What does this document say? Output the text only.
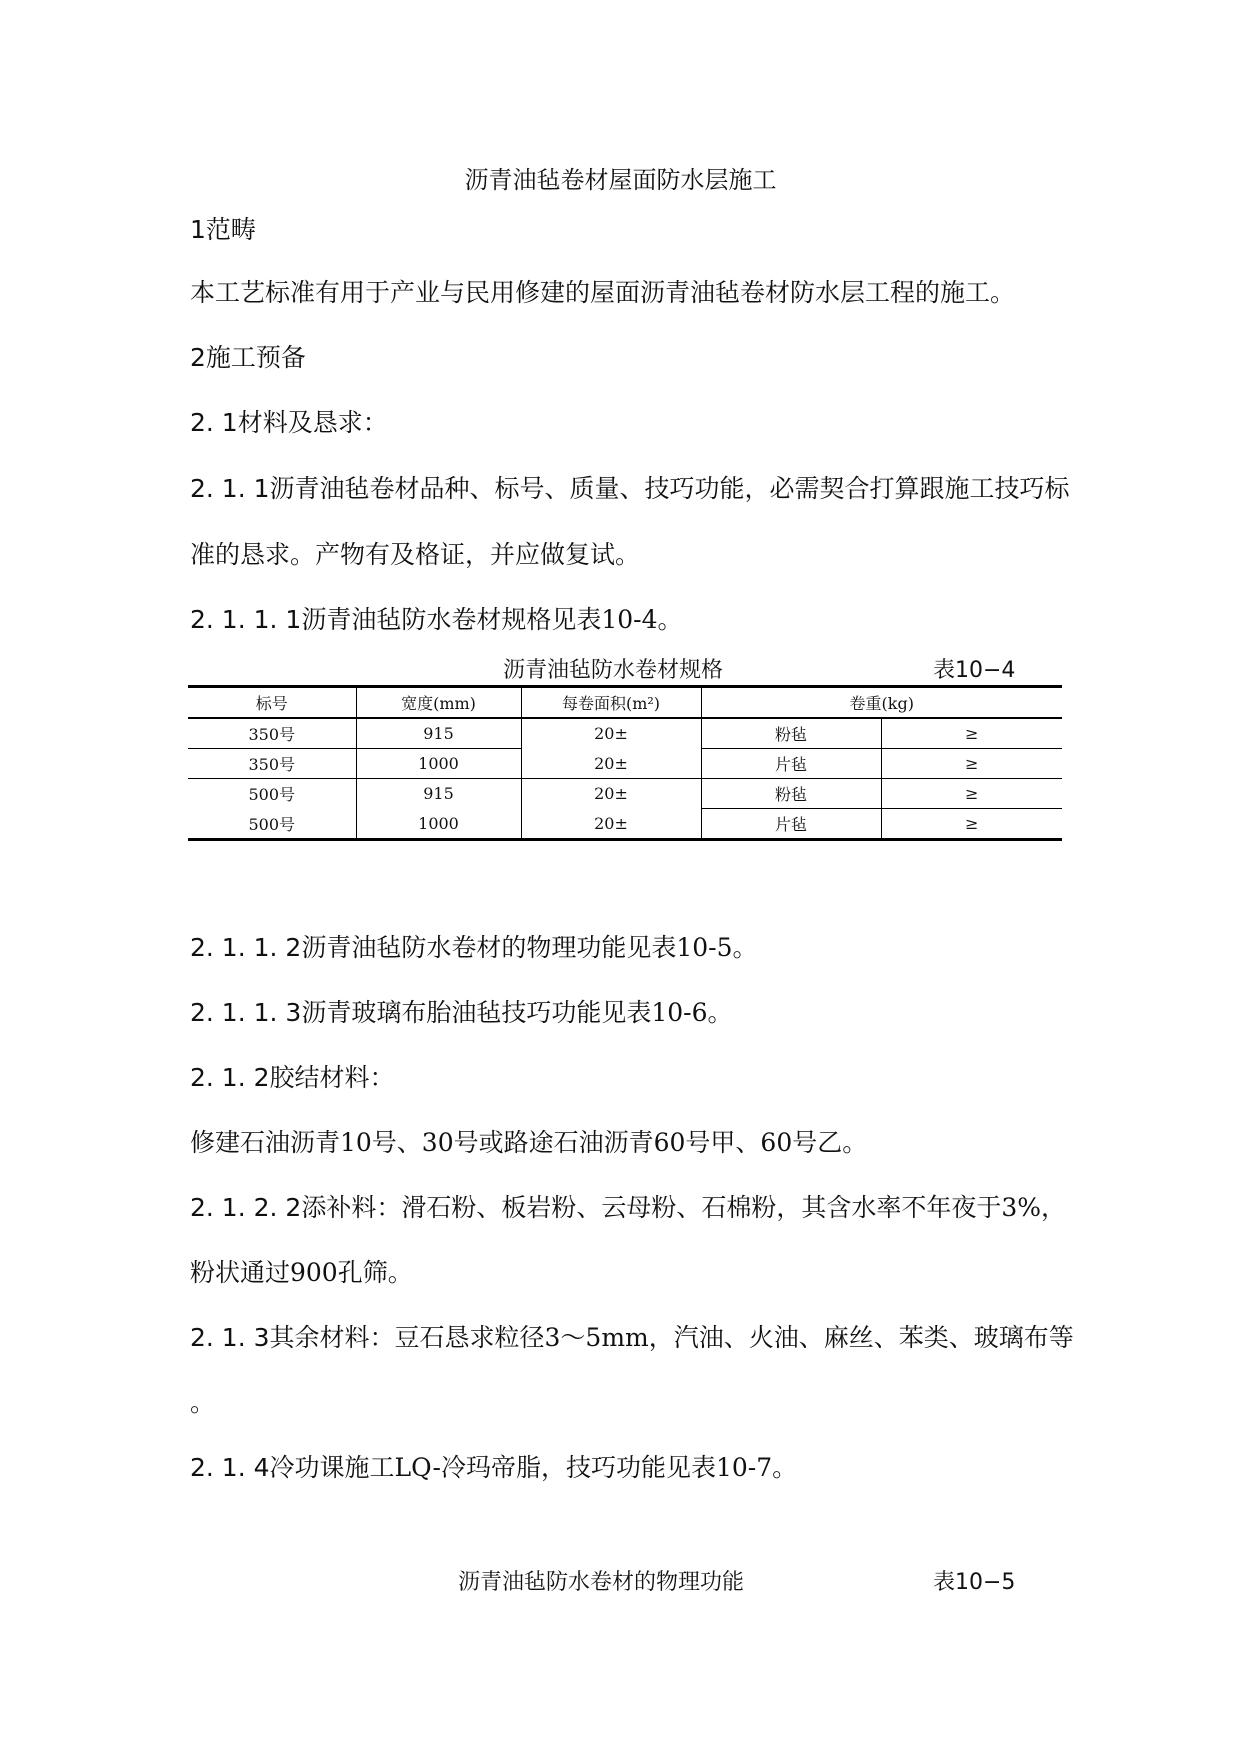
沥青油毡卷材屋面防水层施工
1范畴
本工艺标准有用于产业与民用修建的屋面沥青油毡卷材防水层工程的施工。
2施工预备
2. 1材料及恳求：
2. 1. 1沥青油毡卷材品种、标号、质量、技巧功能，必需契合打算跟施工技巧标
准的恳求。产物有及格证，并应做复试。
2. 1. 1. 1沥青油毡防水卷材规格见表10-4。
沥青油毡防水卷材规格	表10−4
标号	宽度(mm)	每卷面积(m²)	卷重(kg)	
350号	915	20±	粉毡	≥
350号	1000	20±	片毡	≥
500号	915	20±	粉毡	≥
500号	1000	20±	片毡	≥
2. 1. 1. 2沥青油毡防水卷材的物理功能见表10-5。
2. 1. 1. 3沥青玻璃布胎油毡技巧功能见表10-6。
2. 1. 2胶结材料：
修建石油沥青10号、30号或路途石油沥青60号甲、60号乙。
2. 1. 2. 2添补料：滑石粉、板岩粉、云母粉、石棉粉，其含水率不年夜于3%，
粉状通过900孔筛。
2. 1. 3其余材料：豆石恳求粒径3～5mm，汽油、火油、麻丝、苯类、玻璃布等
。
2. 1. 4冷功课施工LQ-冷玛帝脂，技巧功能见表10-7。
沥青油毡防水卷材的物理功能	表10−5
